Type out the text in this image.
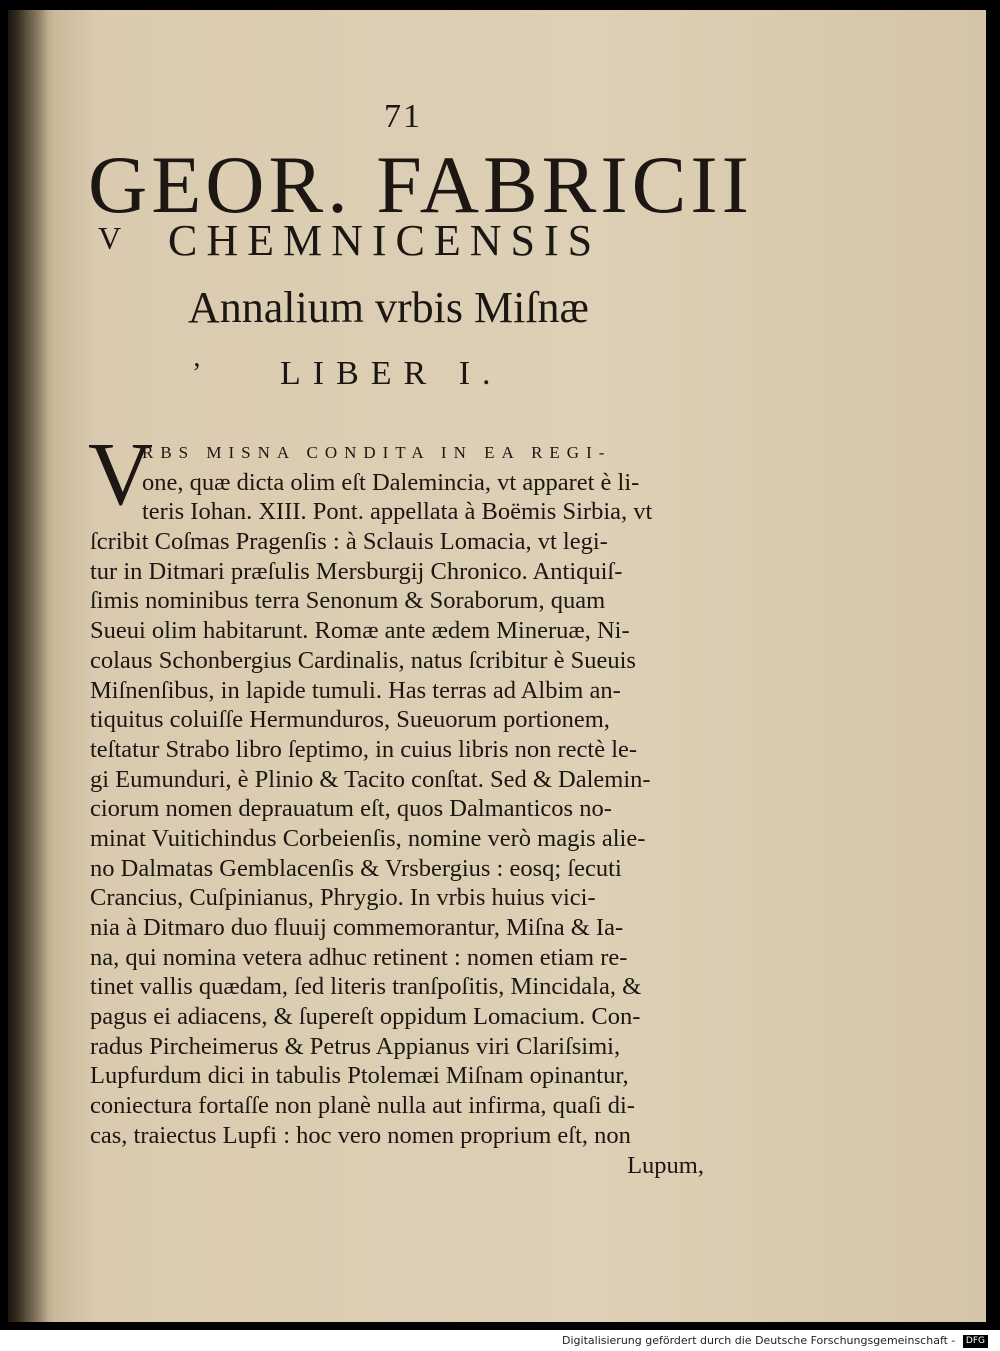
71
GEOR. FABRICII
V CHEMNICENSIS
Annalium vrbis Miſnæ
’ LIBER I.
V
RBS MISNA CONDITA IN EA REGI-
one, quæ dicta olim eſt Dalemincia, vt apparet è li-
teris Iohan. XIII. Pont. appellata à Boëmis Sirbia, vt
ſcribit Coſmas Pragenſis : à Sclauis Lomacia, vt legi-
tur in Ditmari præſulis Mersburgij Chronico. Antiquiſ-
ſimis nominibus terra Senonum & Soraborum, quam
Sueui olim habitarunt. Romæ ante ædem Mineruæ, Ni-
colaus Schonbergius Cardinalis, natus ſcribitur è Sueuis
Miſnenſibus, in lapide tumuli. Has terras ad Albim an-
tiquitus coluiſſe Hermunduros, Sueuorum portionem,
teſtatur Strabo libro ſeptimo, in cuius libris non rectè le-
gi Eumunduri, è Plinio & Tacito conſtat. Sed & Dalemin-
ciorum nomen deprauatum eſt, quos Dalmanticos no-
minat Vuitichindus Corbeienſis, nomine verò magis alie-
no Dalmatas Gemblacenſis & Vrsbergius : eosq; ſecuti
Crancius, Cuſpinianus, Phrygio. In vrbis huius vici-
nia à Ditmaro duo fluuij commemorantur, Miſna & Ia-
na, qui nomina vetera adhuc retinent : nomen etiam re-
tinet vallis quædam, ſed literis tranſpoſitis, Mincidala, &
pagus ei adiacens, & ſupereſt oppidum Lomacium. Con-
radus Pircheimerus & Petrus Appianus viri Clariſsimi,
Lupfurdum dici in tabulis Ptolemæi Miſnam opinantur,
coniectura fortaſſe non planè nulla aut infirma, quaſi di-
cas, traiectus Lupfi : hoc vero nomen proprium eſt, non
Lupum,
Digitalisierung gefördert durch die Deutsche Forschungsgemeinschaft - DFG
